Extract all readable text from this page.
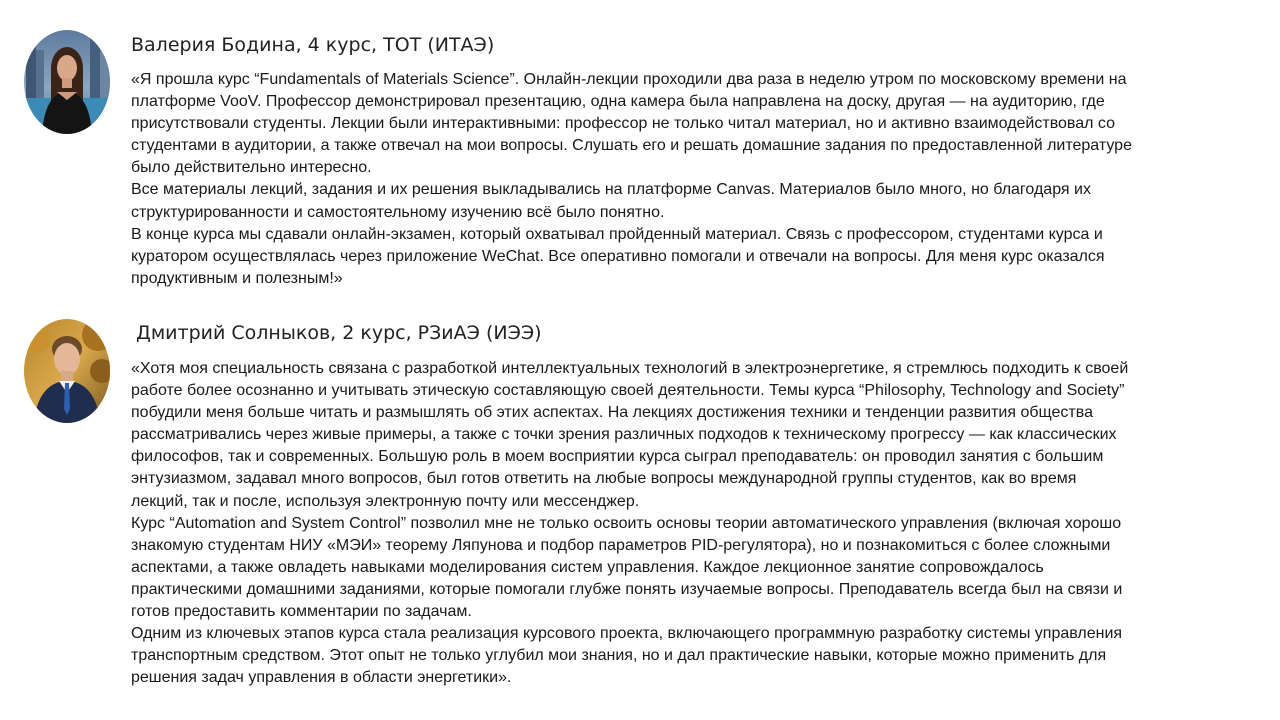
Валерия Бодина, 4 курс, ТОТ (ИТАЭ)
«Я прошла курс “Fundamentals of Materials Science”. Онлайн-лекции проходили два раза в неделю утром по московскому времени на
платформе VooV. Профессор демонстрировал презентацию, одна камера была направлена на доску, другая — на аудиторию, где
присутствовали студенты. Лекции были интерактивными: профессор не только читал материал, но и активно взаимодействовал со
студентами в аудитории, а также отвечал на мои вопросы. Слушать его и решать домашние задания по предоставленной литературе
было действительно интересно.
Все материалы лекций, задания и их решения выкладывались на платформе Canvas. Материалов было много, но благодаря их
структурированности и самостоятельному изучению всё было понятно.
В конце курса мы сдавали онлайн-экзамен, который охватывал пройденный материал. Связь с профессором, студентами курса и
куратором осуществлялась через приложение WeChat. Все оперативно помогали и отвечали на вопросы. Для меня курс оказался
продуктивным и полезным!»
Дмитрий Солныков, 2 курс, РЗиАЭ (ИЭЭ)
«Хотя моя специальность связана с разработкой интеллектуальных технологий в электроэнергетике, я стремлюсь подходить к своей
работе более осознанно и учитывать этическую составляющую своей деятельности. Темы курса “Philosophy, Technology and Society”
побудили меня больше читать и размышлять об этих аспектах. На лекциях достижения техники и тенденции развития общества
рассматривались через живые примеры, а также с точки зрения различных подходов к техническому прогрессу — как классических
философов, так и современных. Большую роль в моем восприятии курса сыграл преподаватель: он проводил занятия с большим
энтузиазмом, задавал много вопросов, был готов ответить на любые вопросы международной группы студентов, как во время
лекций, так и после, используя электронную почту или мессенджер.
Курс “Automation and System Control” позволил мне не только освоить основы теории автоматического управления (включая хорошо
знакомую студентам НИУ «МЭИ» теорему Ляпунова и подбор параметров PID-регулятора), но и познакомиться с более сложными
аспектами, а также овладеть навыками моделирования систем управления. Каждое лекционное занятие сопровождалось
практическими домашними заданиями, которые помогали глубже понять изучаемые вопросы. Преподаватель всегда был на связи и
готов предоставить комментарии по задачам.
Одним из ключевых этапов курса стала реализация курсового проекта, включающего программную разработку системы управления
транспортным средством. Этот опыт не только углубил мои знания, но и дал практические навыки, которые можно применить для
решения задач управления в области энергетики».
